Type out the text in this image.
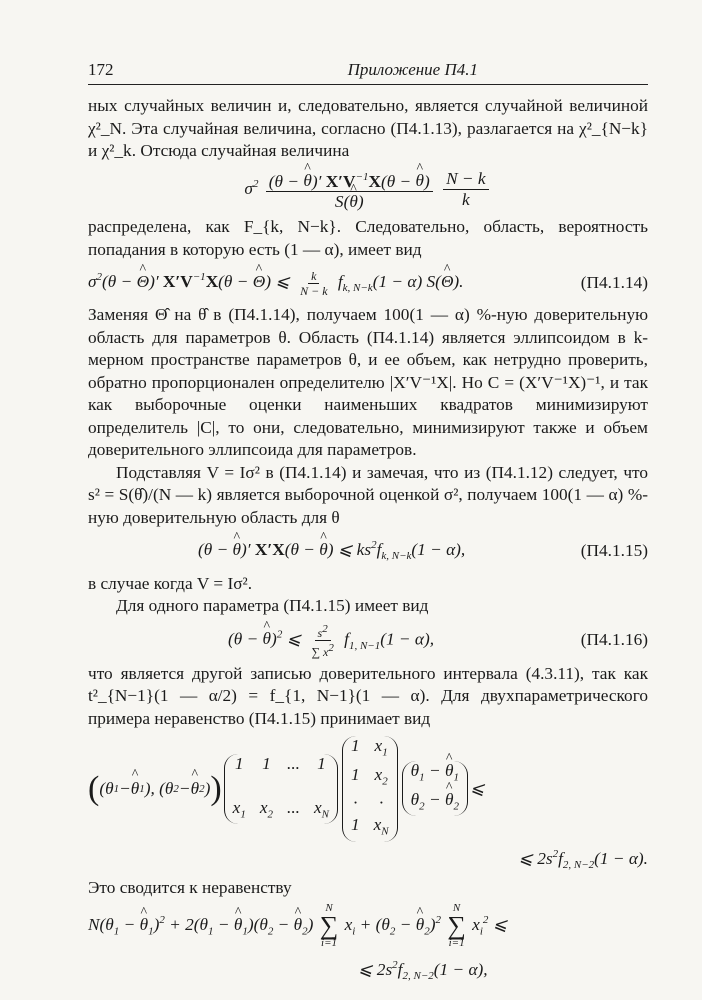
172	Приложение П4.1

ных случайных величин и, следовательно, является случайной величиной χ²_N. Эта случайная величина, согласно (П4.1.13), разлагается на χ²_{N−k} и χ²_k. Отсюда случайная величина

$\sigma^2 \frac{(\theta - \^{} \theta)' X'V^{-1}X(\theta - \^{} \theta)}{S(\^{} \theta)}$
$\frac{N - k}{k}$

распределена, как F_{k, N−k}. Следовательно, область, вероятность попадания в которую есть (1 — α), имеет вид

$\sigma^2(\theta$ − ^ Θ)′ $X'V^{-1}X(\theta$ − ^ Θ) ⩽ $\frac{k}{N - k} f_{k, N-k}(1 - \alpha)$ S(^ Θ).	(П4.1.14)

Заменяя Θ̂ на θ̂ в (П4.1.14), получаем 100(1 — α) %-ную доверительную область для параметров θ. Область (П4.1.14) является эллипсоидом в k-мерном пространстве параметров θ, и ее объем, как нетрудно проверить, обратно пропорционален определителю |X′V⁻¹X|. Но C = (X′V⁻¹X)⁻¹, и так как выборочные оценки наименьших квадратов минимизируют определитель |C|, то они, следовательно, минимизируют также и объем доверительного эллипсоида для параметров.

Подставляя V = Iσ² в (П4.1.14) и замечая, что из (П4.1.12) следует, что s² = S(θ̂)/(N — k) является выборочной оценкой σ², получаем 100(1 — α) %-ную доверительную область для θ

(θ − ^ θ)′ X′X(θ − ^ θ) ⩽ $ks^2f_{k, N-k}(1 - \alpha)$,	(П4.1.15)

в случае когда V = Iσ².

Для одного параметра (П4.1.15) имеет вид

(θ − ^ θ)$^2$ ⩽ $\frac{s^2}{\sum x^2} f_{1, N-1}(1 - \alpha)$,	(П4.1.16)

что является другой записью доверительного интервала (4.3.11), так как t²_{N−1}(1 — α/2) = f_{1, N−1}(1 — α). Для двухпараметрического примера неравенство (П4.1.15) принимает вид

( (θ 1 − ^ θ 1 ), (θ 2 − ^ θ 2 ) )
1 1 ... 1

$x_1$ $x_2$ ... $x_N$
1 $x_1$
1 $x_2$
·	·
1 $x_N$
$\theta_1$ − ^ $\theta_1$
$\theta_2$ − ^ $\theta_2$
⩽
⩽ $2s^2f_{2, N-2}(1 - \alpha)$.

Это сводится к неравенству

$N(\theta_1$ − ^ $\theta_1)^2 + 2(\theta_1$ − ^ $\theta_1)(\theta_2$ − ^ $\theta_2$)
N
∑
i=1
$x_i + (\theta_2$ − ^ $\theta_2)^2$
N
∑
i=1
$x_i^2$ ⩽
⩽ $2s^2f_{2, N-2}(1 - \alpha)$,
